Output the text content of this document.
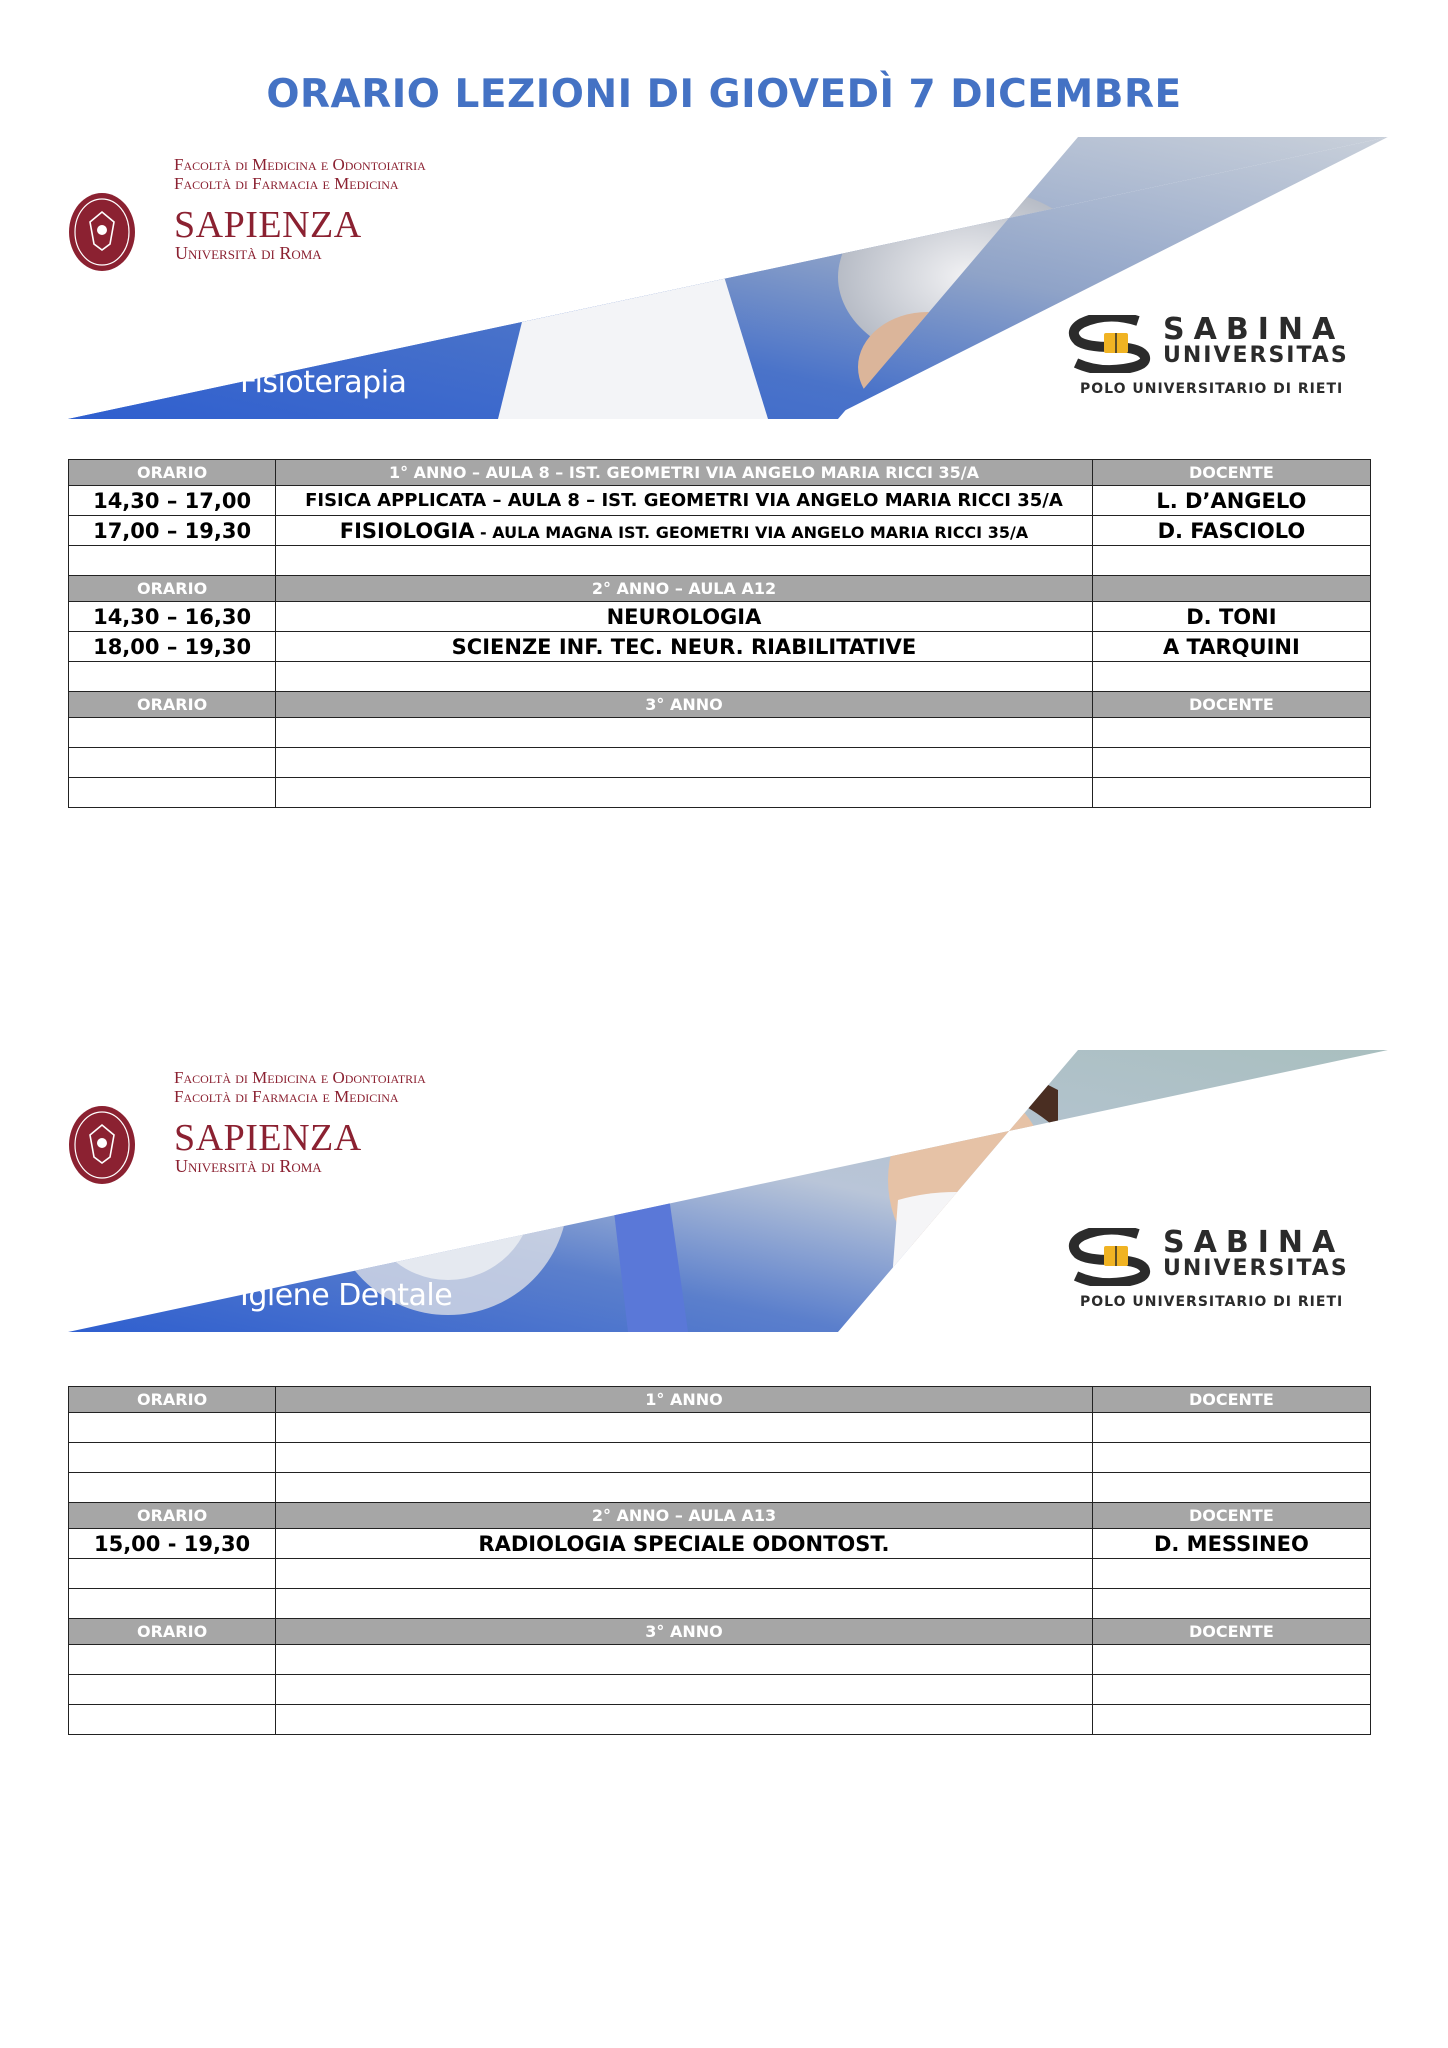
ORARIO LEZIONI DI GIOVEDÌ 7 DICEMBRE
Facoltà di Medicina e Odontoiatria
Facoltà di Farmacia e Medicina
SAPIENZA
Università di Roma
Fisioterapia
SABINA
UNIVERSITAS
POLO UNIVERSITARIO DI RIETI
ORARIO	1° ANNO – AULA 8 – IST. GEOMETRI VIA ANGELO MARIA RICCI 35/A	DOCENTE
14,30 – 17,00	FISICA APPLICATA – AULA 8 – IST. GEOMETRI VIA ANGELO MARIA RICCI 35/A	L. D’ANGELO
17,00 – 19,30	FISIOLOGIA - AULA MAGNA IST. GEOMETRI VIA ANGELO MARIA RICCI 35/A	D. FASCIOLO

ORARIO	2° ANNO – AULA A12	
14,30 – 16,30	NEUROLOGIA	D. TONI
18,00 – 19,30	SCIENZE INF. TEC. NEUR. RIABILITATIVE	A TARQUINI

ORARIO	3° ANNO	DOCENTE

Facoltà di Medicina e Odontoiatria
Facoltà di Farmacia e Medicina
SAPIENZA
Università di Roma
Igiene Dentale
SABINA
UNIVERSITAS
POLO UNIVERSITARIO DI RIETI
ORARIO	1° ANNO	DOCENTE

ORARIO	2° ANNO – AULA A13	DOCENTE
15,00 - 19,30	RADIOLOGIA SPECIALE ODONTOST.	D. MESSINEO

ORARIO	3° ANNO	DOCENTE
